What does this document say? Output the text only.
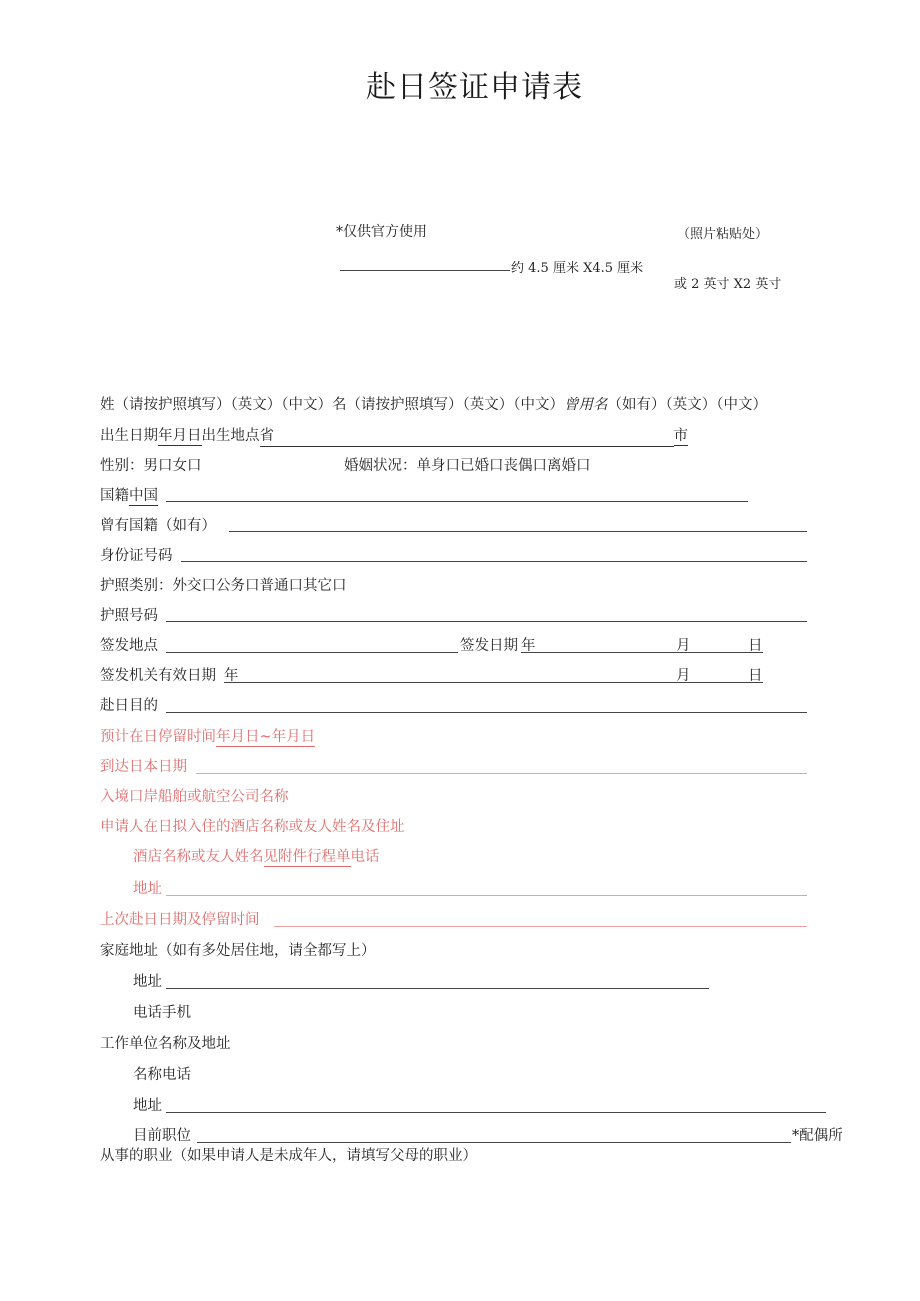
赴日签证申请表
*仅供官方使用
约 4.5 厘米 X4.5 厘米
（照片粘贴处）
或 2 英寸 X2 英寸
姓（请按护照填写）（英文）（中文）名（请按护照填写）（英文）（中文）曾用名（如有）（英文）（中文）
出生日期年月日出生地点省	市
性别：男口女口	婚姻状况：单身口已婚口丧偶口离婚口
国籍中国
曾有国籍（如有）
身份证号码
护照类别：外交口公务口普通口其它口
护照号码
签发地点	签发日期 年	月	日
签发机关有效日期 年	月	日
赴日目的
预计在日停留时间年月日~年月日
到达日本日期
入境口岸船舶或航空公司名称
申请人在日拟入住的酒店名称或友人姓名及住址
酒店名称或友人姓名见附件行程单电话
地址
上次赴日日期及停留时间
家庭地址（如有多处居住地，请全都写上）
地址
电话手机
工作单位名称及地址
名称电话
地址
目前职位	*配偶所
从事的职业（如果申请人是未成年人，请填写父母的职业）
